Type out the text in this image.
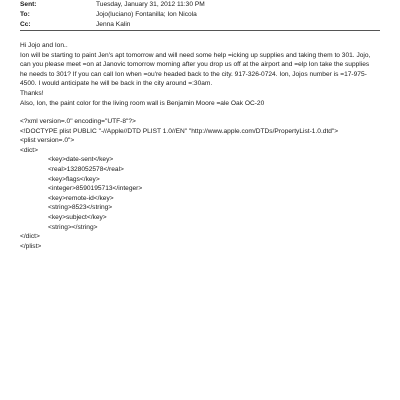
Sent:	Tuesday, January 31, 2012 11:30 PM
To:	Jojo(luciano) Fontanilla; Ion Nicola
Cc:	Jenna Kalin

Hi Jojo and Ion..

Ion will be starting to paint Jen's apt tomorrow and will need some help =icking up supplies and taking them to 301. Jojo,

can you please meet =on at Janovic tomorrow morning after you drop us off at the airport and =elp Ion take the supplies

he needs to 301? If you can call Ion when =ou're headed back to the city. 917-326-0724. Ion, Jojos number is =17-975-

4500. I would anticipate he will be back in the city around =:30am.

Thanks!

Also, Ion, the paint color for the living room wall is Benjamin Moore =ale Oak OC-20

<?xml version=.0" encoding="UTF-8"?>

<!DOCTYPE plist PUBLIC "-//Apple//DTD PLIST 1.0//EN" "http://www.apple.com/DTDs/PropertyList-1.0.dtd">

<plist version=.0">

<dict>

<key>date-sent</key>

<real>1328052578</real>

<key>flags</key>

<integer>8590195713</integer>

<key>remote-id</key>

<string>8523</string>

<key>subject</key>

<string></string>

</dict>

</plist>
